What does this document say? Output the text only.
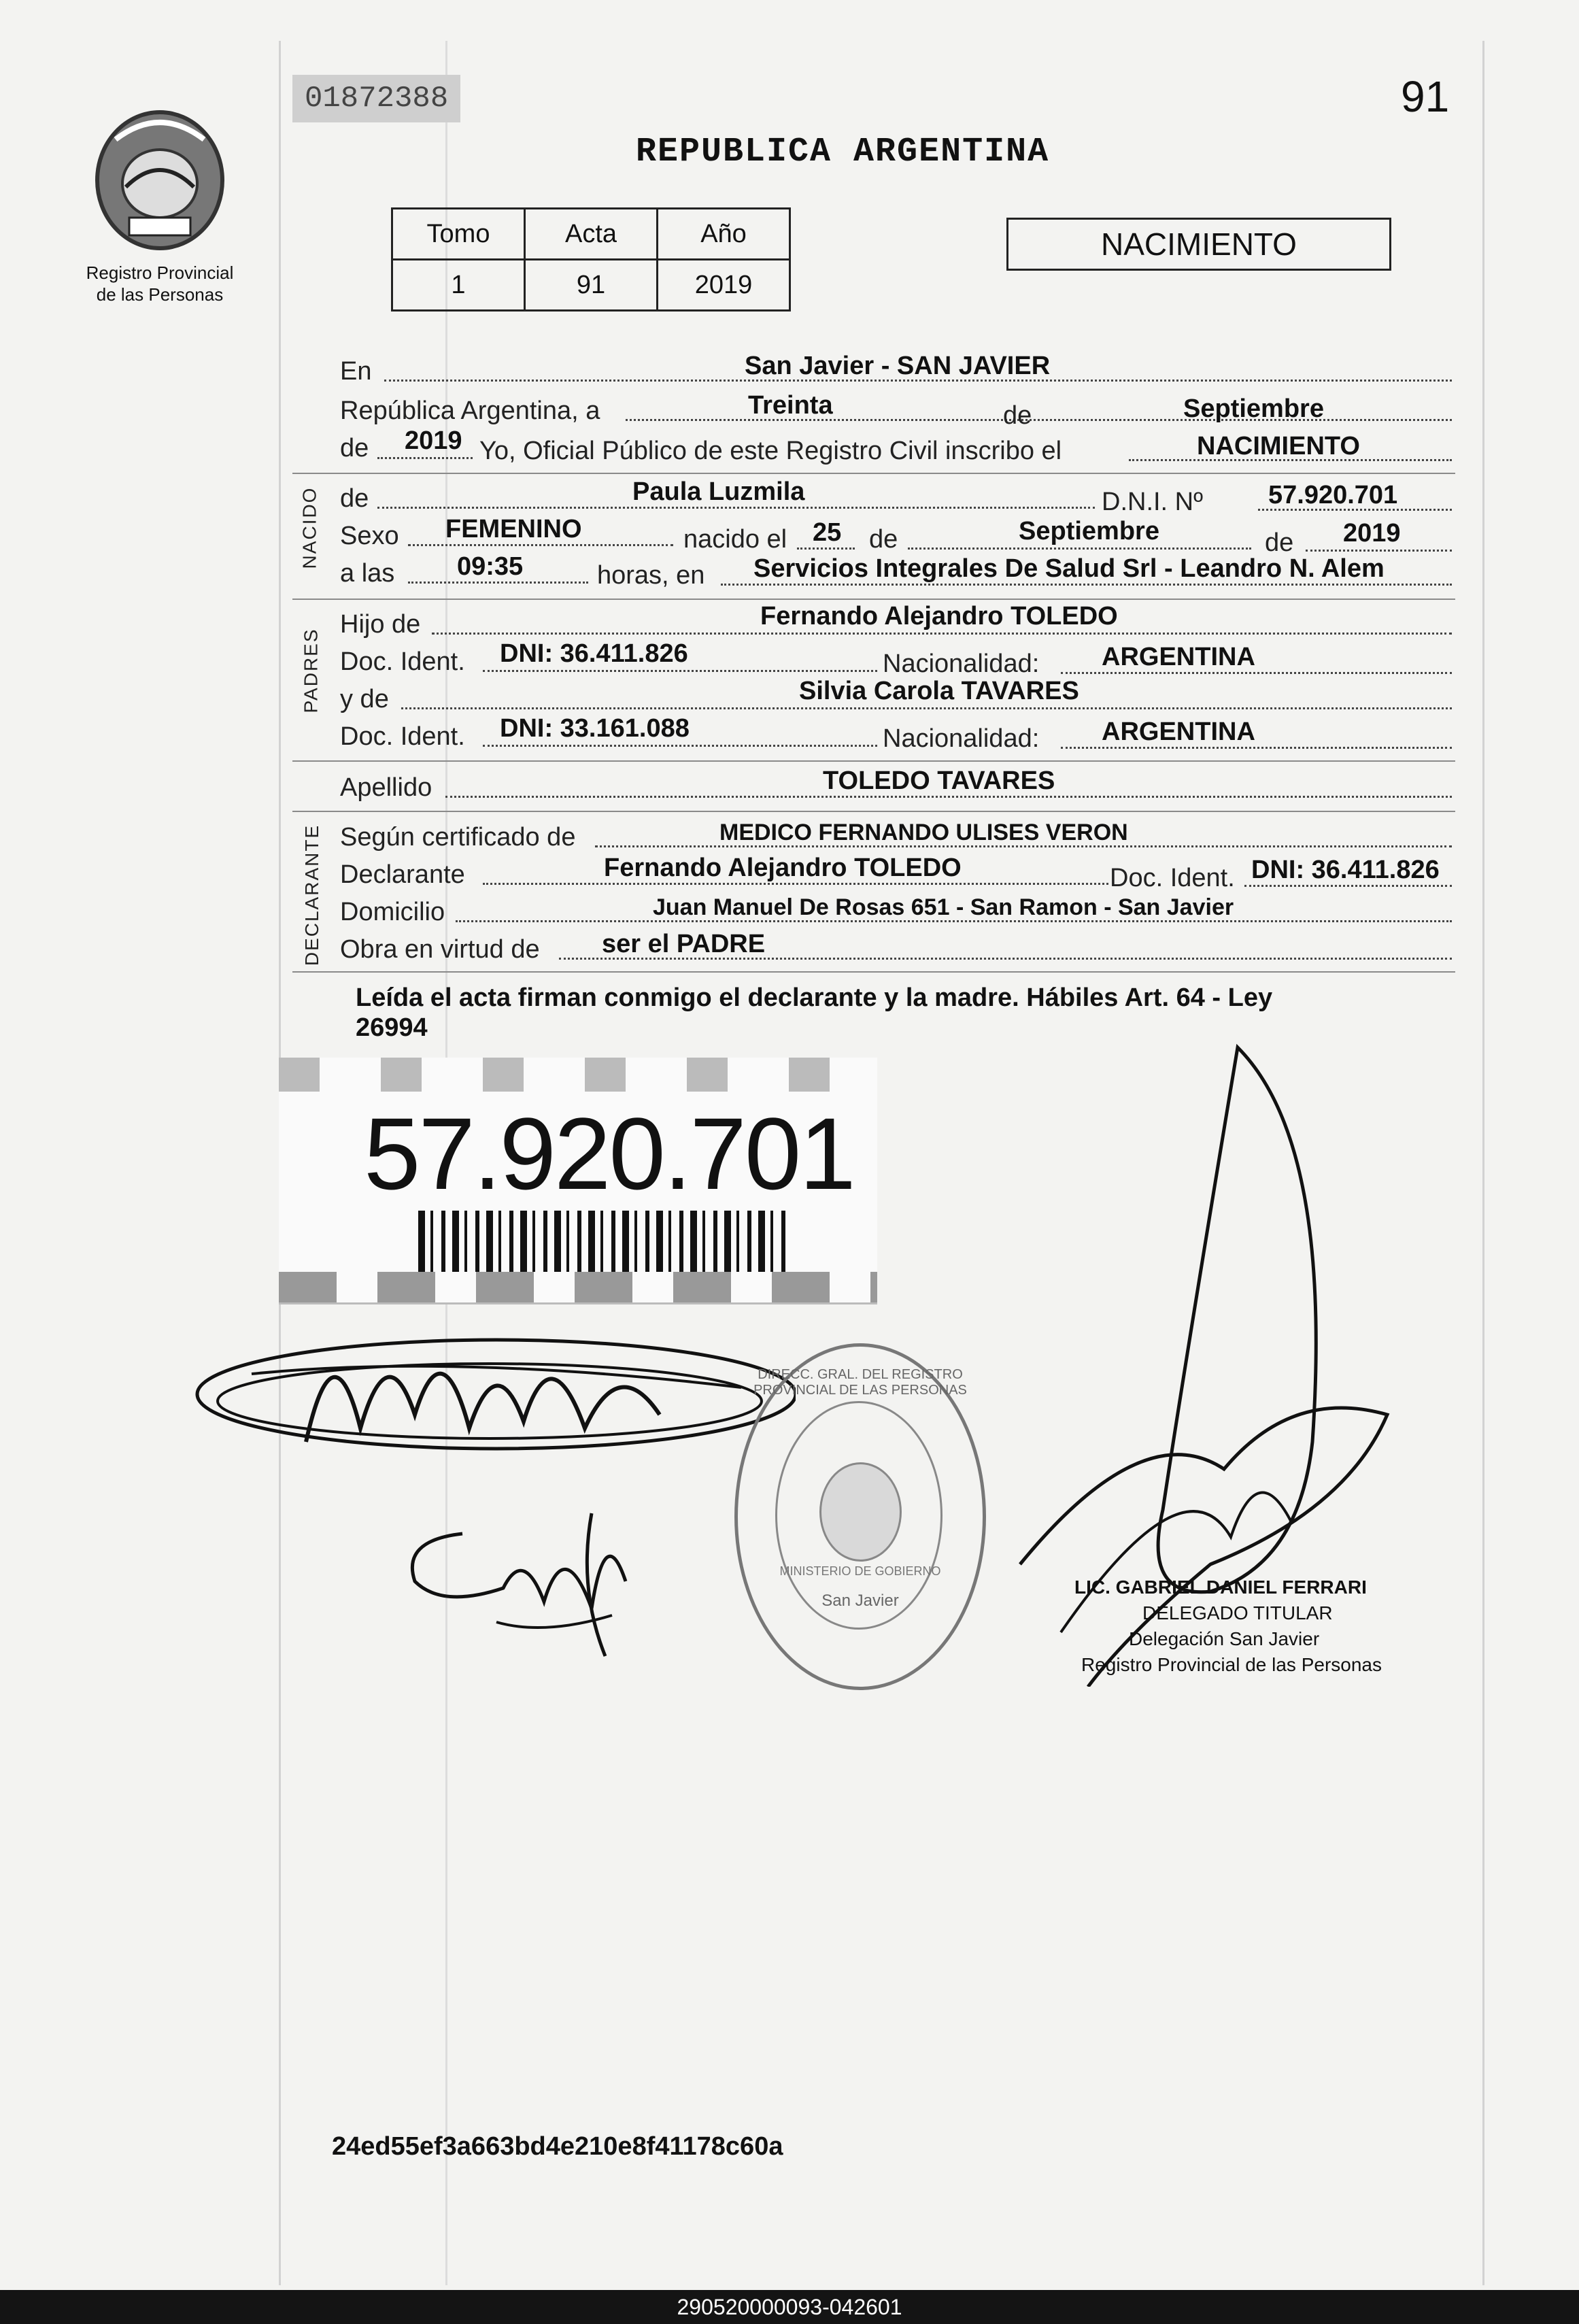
Registro Provincial
de las Personas
01872388	91
REPUBLICA ARGENTINA
Tomo	Acta	Año
1	91	2019
NACIMIENTO
En	San Javier - SAN JAVIER
República Argentina, a	Treinta	de	Septiembre
de 2019 Yo, Oficial Público de este Registro Civil inscribo el	NACIMIENTO
NACIDO de	Paula Luzmila	D.N.I. Nº	57.920.701
Sexo FEMENINO	nacido el 25 de	Septiembre	de 2019
a las 09:35	horas, en Servicios Integrales De Salud Srl - Leandro N. Alem
PADRES
Hijo de	Fernando Alejandro TOLEDO
Doc. Ident. DNI: 36.411.826	Nacionalidad: ARGENTINA
y de	Silvia Carola TAVARES
Doc. Ident. DNI: 33.161.088	Nacionalidad: ARGENTINA
Apellido	TOLEDO TAVARES
DECLARANTE Según certificado de	MEDICO FERNANDO ULISES VERON
Declarante	Fernando Alejandro TOLEDO	Doc. Ident. DNI: 36.411.826
Domicilio	Juan Manuel De Rosas 651 - San Ramon - San Javier
Obra en virtud de ser el PADRE
Leída el acta firman conmigo el declarante y la madre. Hábiles Art. 64 - Ley
26994
57.920.701
DIRECC. GRAL. DEL REGISTRO PROVINCIAL DE LAS PERSONAS
MINISTERIO DE GOBIERNO
San Javier
LIC. GABRIEL DANIEL FERRARI
DELEGADO TITULAR
Delegación San Javier
Registro Provincial de las Personas
24ed55ef3a663bd4e210e8f41178c60a
290520000093-042601
